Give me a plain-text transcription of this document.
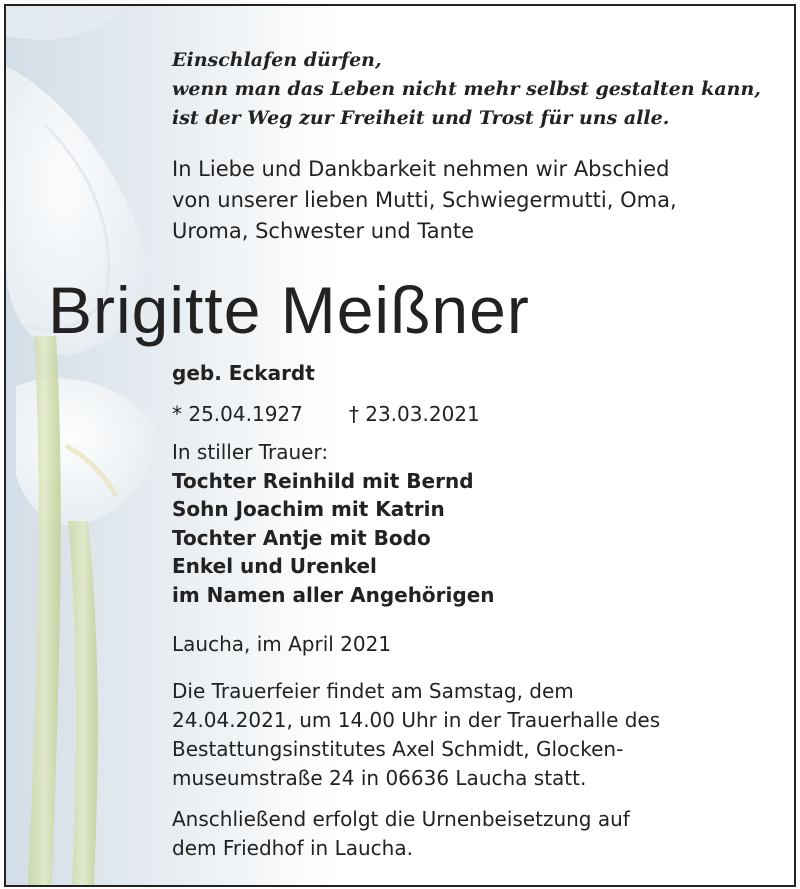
Einschlafen dürfen,
wenn man das Leben nicht mehr selbst gestalten kann,
ist der Weg zur Freiheit und Trost für uns alle.
In Liebe und Dankbarkeit nehmen wir Abschied
von unserer lieben Mutti, Schwiegermutti, Oma,
Uroma, Schwester und Tante
Brigitte Meißner
geb. Eckardt
* 25.04.1927 † 23.03.2021
In stiller Trauer:
Tochter Reinhild mit Bernd
Sohn Joachim mit Katrin
Tochter Antje mit Bodo
Enkel und Urenkel
im Namen aller Angehörigen
Laucha, im April 2021
Die Trauerfeier findet am Samstag, dem
24.04.2021, um 14.00 Uhr in der Trauerhalle des
Bestattungsinstitutes Axel Schmidt, Glocken-
museumstraße 24 in 06636 Laucha statt.
Anschließend erfolgt die Urnenbeisetzung auf
dem Friedhof in Laucha.
